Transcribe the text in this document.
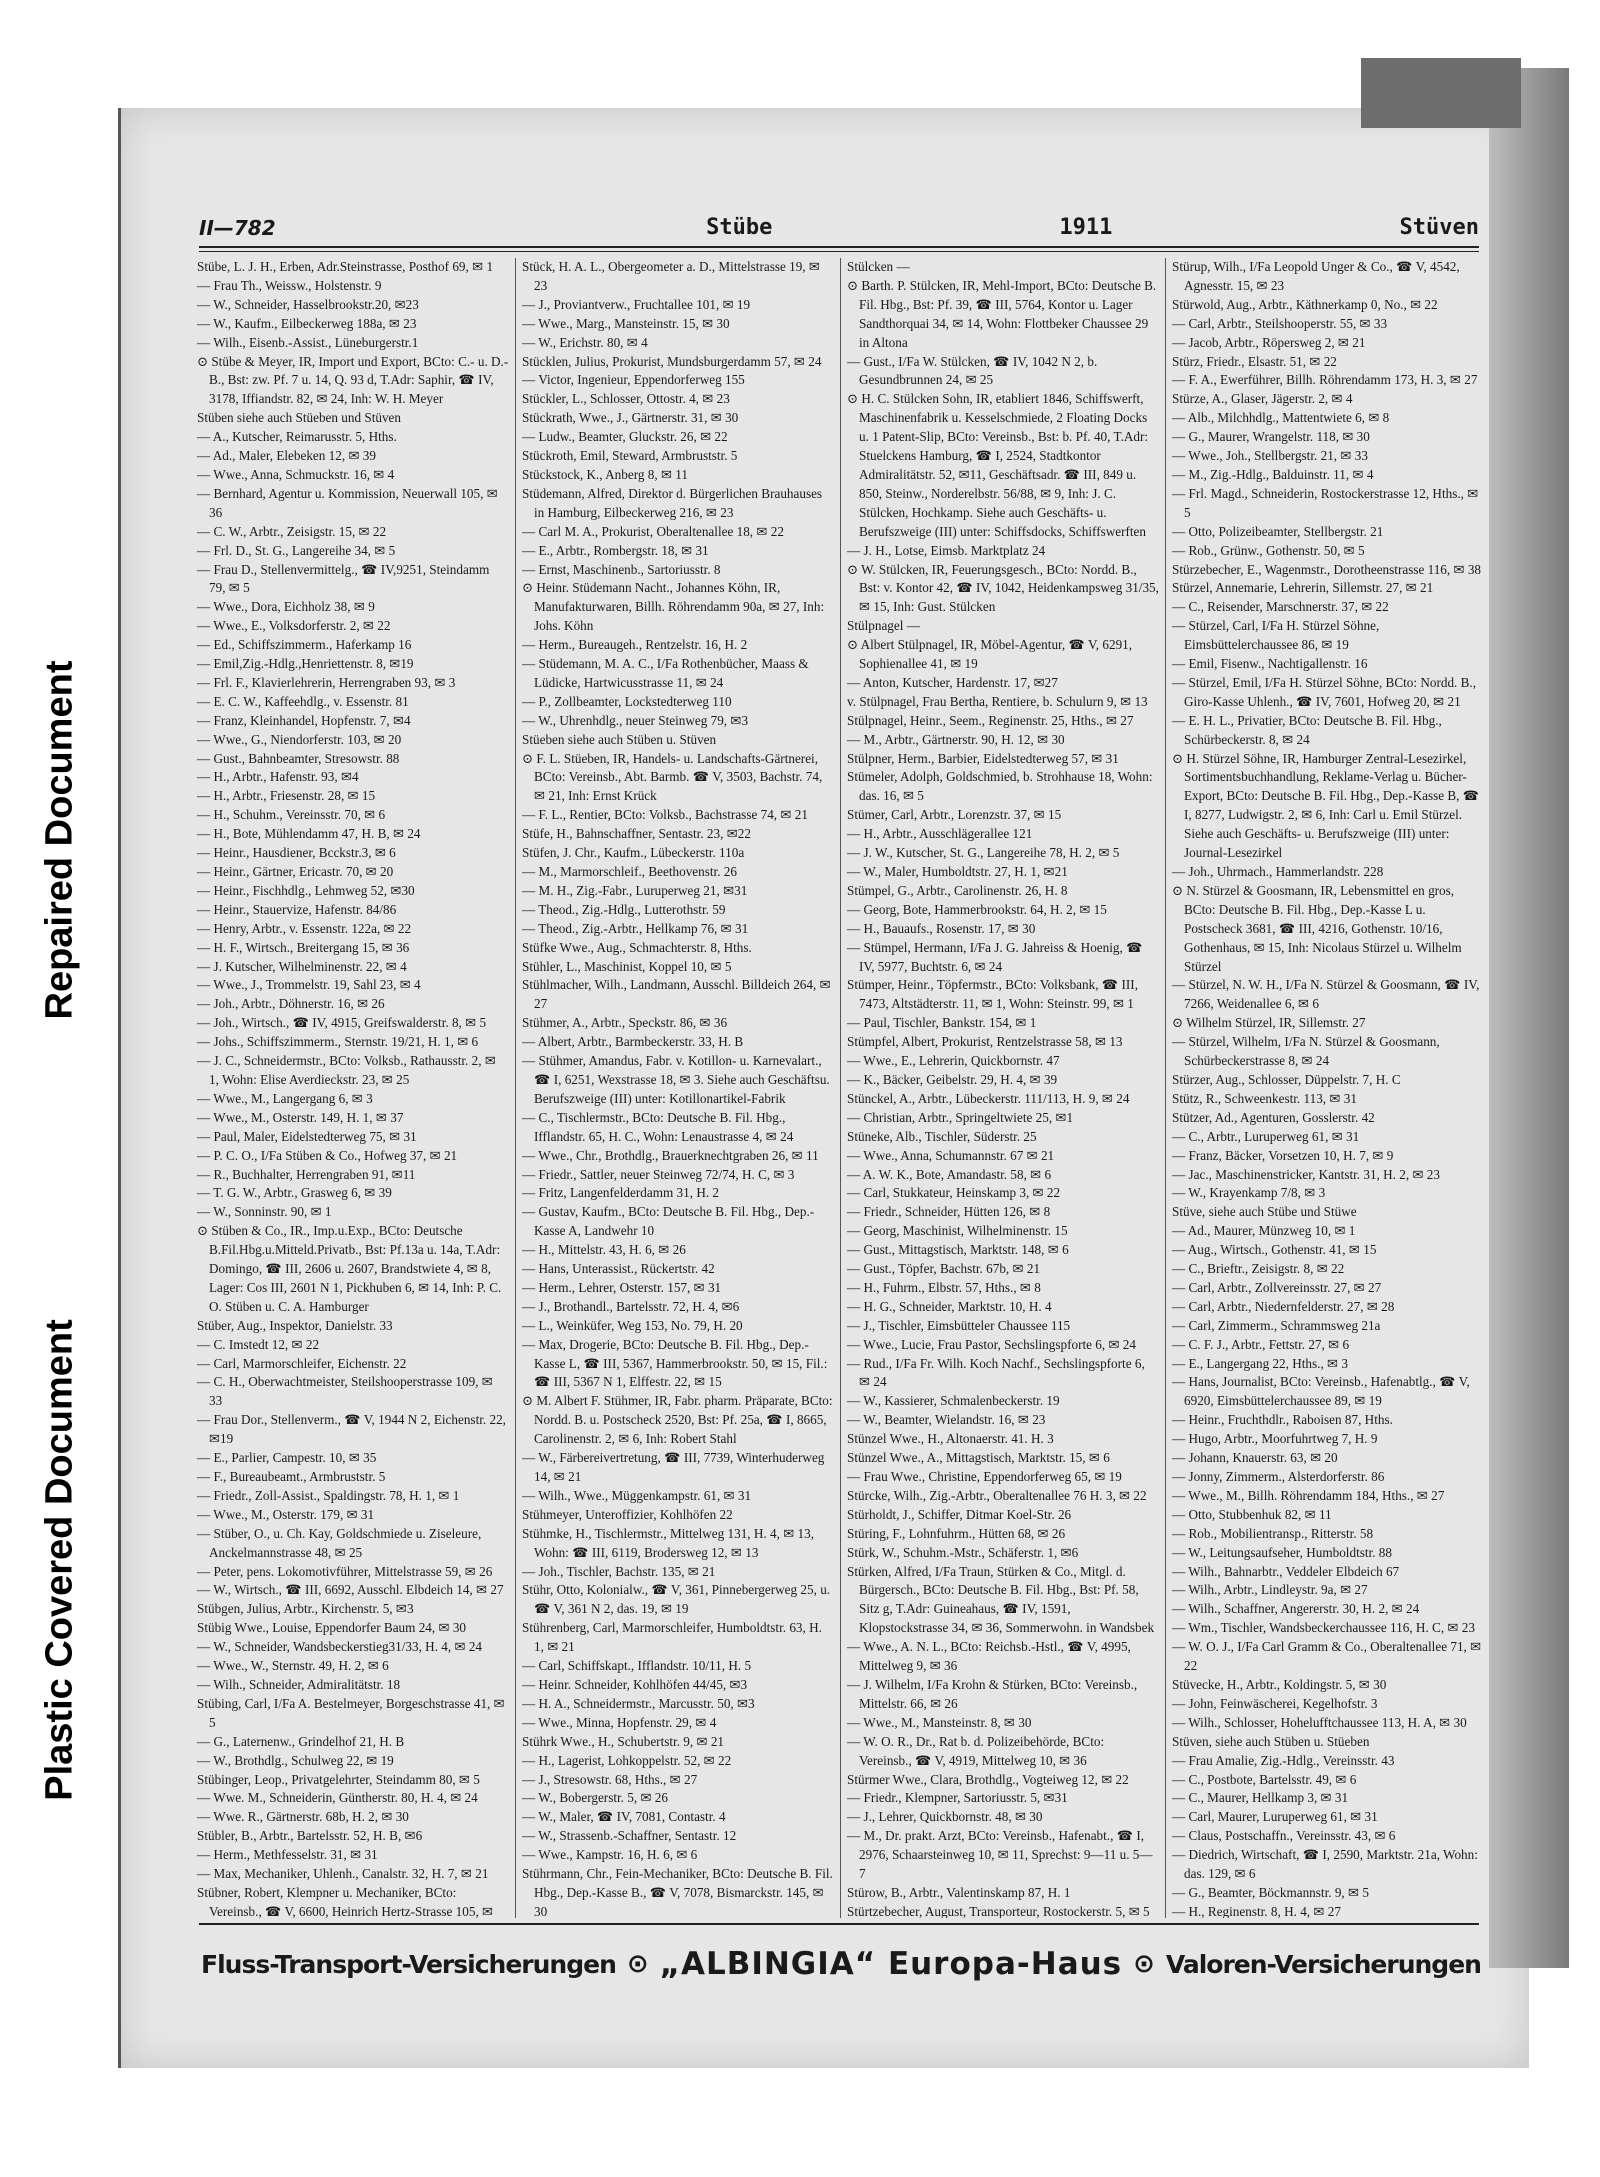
Repaired Document
Plastic Covered Document
II—782	Stübe	1911	Stüven
Stübe, L. J. H., Erben, Adr.Steinstrasse, Posthof 69, ✉ 1
— Frau Th., Weissw., Holstenstr. 9
— W., Schneider, Hasselbrookstr.20, ✉23
— W., Kaufm., Eilbeckerweg 188a, ✉ 23
— Wilh., Eisenb.-Assist., Lüneburgerstr.1
⊙ Stübe & Meyer, IR, Import und Export, BCto: C.- u. D.-B., Bst: zw. Pf. 7 u. 14, Q. 93 d, T.Adr: Saphir, ☎ IV, 3178, Iffiandstr. 82, ✉ 24, Inh: W. H. Meyer
Stüben siehe auch Stüeben und Stüven
— A., Kutscher, Reimarusstr. 5, Hths.
— Ad., Maler, Elebeken 12, ✉ 39
— Wwe., Anna, Schmuckstr. 16, ✉ 4
— Bernhard, Agentur u. Kommission, Neuerwall 105, ✉ 36
— C. W., Arbtr., Zeisigstr. 15, ✉ 22
— Frl. D., St. G., Langereihe 34, ✉ 5
— Frau D., Stellenvermittelg., ☎ IV,9251, Steindamm 79, ✉ 5
— Wwe., Dora, Eichholz 38, ✉ 9
— Wwe., E., Volksdorferstr. 2, ✉ 22
— Ed., Schiffszimmerm., Haferkamp 16
— Emil,Zig.-Hdlg.,Henriettenstr. 8, ✉19
— Frl. F., Klavierlehrerin, Herrengraben 93, ✉ 3
— E. C. W., Kaffeehdlg., v. Essenstr. 81
— Franz, Kleinhandel, Hopfenstr. 7, ✉4
— Wwe., G., Niendorferstr. 103, ✉ 20
— Gust., Bahnbeamter, Stresowstr. 88
— H., Arbtr., Hafenstr. 93, ✉4
— H., Arbtr., Friesenstr. 28, ✉ 15
— H., Schuhm., Vereinsstr. 70, ✉ 6
— H., Bote, Mühlendamm 47, H. B, ✉ 24
— Heinr., Hausdiener, Bcckstr.3, ✉ 6
— Heinr., Gärtner, Ericastr. 70, ✉ 20
— Heinr., Fischhdlg., Lehmweg 52, ✉30
— Heinr., Stauervize, Hafenstr. 84/86
— Henry, Arbtr., v. Essenstr. 122a, ✉ 22
— H. F., Wirtsch., Breitergang 15, ✉ 36
— J. Kutscher, Wilhelminenstr. 22, ✉ 4
— Wwe., J., Trommelstr. 19, Sahl 23, ✉ 4
— Joh., Arbtr., Döhnerstr. 16, ✉ 26
— Joh., Wirtsch., ☎ IV, 4915, Greifswalderstr. 8, ✉ 5
— Johs., Schiffszimmerm., Sternstr. 19/21, H. 1, ✉ 6
— J. C., Schneidermstr., BCto: Volksb., Rathausstr. 2, ✉ 1, Wohn: Elise Averdieckstr. 23, ✉ 25
— Wwe., M., Langergang 6, ✉ 3
— Wwe., M., Osterstr. 149, H. 1, ✉ 37
— Paul, Maler, Eidelstedterweg 75, ✉ 31
— P. C. O., I/Fa Stüben & Co., Hofweg 37, ✉ 21
— R., Buchhalter, Herrengraben 91, ✉11
— T. G. W., Arbtr., Grasweg 6, ✉ 39
— W., Sonninstr. 90, ✉ 1
⊙ Stüben & Co., IR., Imp.u.Exp., BCto: Deutsche B.Fil.Hbg.u.Mitteld.Privatb., Bst: Pf.13a u. 14a, T.Adr: Domingo, ☎ III, 2606 u. 2607, Brandstwiete 4, ✉ 8, Lager: Cos III, 2601 N 1, Pickhuben 6, ✉ 14, Inh: P. C. O. Stüben u. C. A. Hamburger
Stüber, Aug., Inspektor, Danielstr. 33
— C. Imstedt 12, ✉ 22
— Carl, Marmorschleifer, Eichenstr. 22
— C. H., Oberwachtmeister, Steilshooperstrasse 109, ✉ 33
— Frau Dor., Stellenverm., ☎ V, 1944 N 2, Eichenstr. 22, ✉19
— E., Parlier, Campestr. 10, ✉ 35
— F., Bureaubeamt., Armbruststr. 5
— Friedr., Zoll-Assist., Spaldingstr. 78, H. 1, ✉ 1
— Wwe., M., Osterstr. 179, ✉ 31
— Stüber, O., u. Ch. Kay, Goldschmiede u. Ziseleure, Anckelmannstrasse 48, ✉ 25
— Peter, pens. Lokomotivführer, Mittelstrasse 59, ✉ 26
— W., Wirtsch., ☎ III, 6692, Ausschl. Elbdeich 14, ✉ 27
Stübgen, Julius, Arbtr., Kirchenstr. 5, ✉3
Stübig Wwe., Louise, Eppendorfer Baum 24, ✉ 30
— W., Schneider, Wandsbeckerstieg31/33, H. 4, ✉ 24
— Wwe., W., Sternstr. 49, H. 2, ✉ 6
— Wilh., Schneider, Admiralitätstr. 18
Stübing, Carl, I/Fa A. Bestelmeyer, Borgeschstrasse 41, ✉ 5
— G., Laternenw., Grindelhof 21, H. B
— W., Brothdlg., Schulweg 22, ✉ 19
Stübinger, Leop., Privatgelehrter, Steindamm 80, ✉ 5
— Wwe. M., Schneiderin, Güntherstr. 80, H. 4, ✉ 24
— Wwe. R., Gärtnerstr. 68b, H. 2, ✉ 30
Stübler, B., Arbtr., Bartelsstr. 52, H. B, ✉6
— Herm., Methfesselstr. 31, ✉ 31
— Max, Mechaniker, Uhlenh., Canalstr. 32, H. 7, ✉ 21
Stübner, Robert, Klempner u. Mechaniker, BCto: Vereinsb., ☎ V, 6600, Heinrich Hertz-Strasse 105, ✉
Stück, H. A. L., Obergeometer a. D., Mittelstrasse 19, ✉ 23
— J., Proviantverw., Fruchtallee 101, ✉ 19
— Wwe., Marg., Mansteinstr. 15, ✉ 30
— W., Erichstr. 80, ✉ 4
Stücklen, Julius, Prokurist, Mundsburgerdamm 57, ✉ 24
— Victor, Ingenieur, Eppendorferweg 155
Stückler, L., Schlosser, Ottostr. 4, ✉ 23
Stückrath, Wwe., J., Gärtnerstr. 31, ✉ 30
— Ludw., Beamter, Gluckstr. 26, ✉ 22
Stückroth, Emil, Steward, Armbruststr. 5
Stückstock, K., Anberg 8, ✉ 11
Stüdemann, Alfred, Direktor d. Bürgerlichen Brauhauses in Hamburg, Eilbeckerweg 216, ✉ 23
— Carl M. A., Prokurist, Oberaltenallee 18, ✉ 22
— E., Arbtr., Rombergstr. 18, ✉ 31
— Ernst, Maschinenb., Sartoriusstr. 8
⊙ Heinr. Stüdemann Nacht., Johannes Köhn, IR, Manufakturwaren, Billh. Röhrendamm 90a, ✉ 27, Inh: Johs. Köhn
— Herm., Bureaugeh., Rentzelstr. 16, H. 2
— Stüdemann, M. A. C., I/Fa Rothenbücher, Maass & Lüdicke, Hartwicusstrasse 11, ✉ 24
— P., Zollbeamter, Lockstedterweg 110
— W., Uhrenhdlg., neuer Steinweg 79, ✉3
Stüeben siehe auch Stüben u. Stüven
⊙ F. L. Stüeben, IR, Handels- u. Landschafts-Gärtnerei, BCto: Vereinsb., Abt. Barmb. ☎ V, 3503, Bachstr. 74, ✉ 21, Inh: Ernst Krück
— F. L., Rentier, BCto: Volksb., Bachstrasse 74, ✉ 21
Stüfe, H., Bahnschaffner, Sentastr. 23, ✉22
Stüfen, J. Chr., Kaufm., Lübeckerstr. 110a
— M., Marmorschleif., Beethovenstr. 26
— M. H., Zig.-Fabr., Luruperweg 21, ✉31
— Theod., Zig.-Hdlg., Lutterothstr. 59
— Theod., Zig.-Arbtr., Hellkamp 76, ✉ 31
Stüfke Wwe., Aug., Schmachterstr. 8, Hths.
Stühler, L., Maschinist, Koppel 10, ✉ 5
Stühlmacher, Wilh., Landmann, Ausschl. Billdeich 264, ✉ 27
Stühmer, A., Arbtr., Speckstr. 86, ✉ 36
— Albert, Arbtr., Barmbeckerstr. 33, H. B
— Stühmer, Amandus, Fabr. v. Kotillon- u. Karnevalart., ☎ I, 6251, Wexstrasse 18, ✉ 3. Siehe auch Geschäftsu. Berufszweige (III) unter: Kotillonartikel-Fabrik
— C., Tischlermstr., BCto: Deutsche B. Fil. Hbg., Ifflandstr. 65, H. C., Wohn: Lenaustrasse 4, ✉ 24
— Wwe., Chr., Brothdlg., Brauerknechtgraben 26, ✉ 11
— Friedr., Sattler, neuer Steinweg 72/74, H. C, ✉ 3
— Fritz, Langenfelderdamm 31, H. 2
— Gustav, Kaufm., BCto: Deutsche B. Fil. Hbg., Dep.-Kasse A, Landwehr 10
— H., Mittelstr. 43, H. 6, ✉ 26
— Hans, Unterassist., Rückertstr. 42
— Herm., Lehrer, Osterstr. 157, ✉ 31
— J., Brothandl., Bartelsstr. 72, H. 4, ✉6
— L., Weinküfer, Weg 153, No. 79, H. 20
— Max, Drogerie, BCto: Deutsche B. Fil. Hbg., Dep.-Kasse L, ☎ III, 5367, Hammerbrookstr. 50, ✉ 15, Fil.: ☎ III, 5367 N 1, Elffestr. 22, ✉ 15
⊙ M. Albert F. Stühmer, IR, Fabr. pharm. Präparate, BCto: Nordd. B. u. Postscheck 2520, Bst: Pf. 25a, ☎ I, 8665, Carolinenstr. 2, ✉ 6, Inh: Robert Stahl
— W., Färbereivertretung, ☎ III, 7739, Winterhuderweg 14, ✉ 21
— Wilh., Wwe., Müggenkampstr. 61, ✉ 31
Stühmeyer, Unteroffizier, Kohlhöfen 22
Stühmke, H., Tischlermstr., Mittelweg 131, H. 4, ✉ 13, Wohn: ☎ III, 6119, Brodersweg 12, ✉ 13
— Joh., Tischler, Bachstr. 135, ✉ 21
Stühr, Otto, Kolonialw., ☎ V, 361, Pinnebergerweg 25, u. ☎ V, 361 N 2, das. 19, ✉ 19
Stührenberg, Carl, Marmorschleifer, Humboldtstr. 63, H. 1, ✉ 21
— Carl, Schiffskapt., Ifflandstr. 10/11, H. 5
— Heinr. Schneider, Kohlhöfen 44/45, ✉3
— H. A., Schneidermstr., Marcusstr. 50, ✉3
— Wwe., Minna, Hopfenstr. 29, ✉ 4
Stührk Wwe., H., Schubertstr. 9, ✉ 21
— H., Lagerist, Lohkoppelstr. 52, ✉ 22
— J., Stresowstr. 68, Hths., ✉ 27
— W., Bobergerstr. 5, ✉ 26
— W., Maler, ☎ IV, 7081, Contastr. 4
— W., Strassenb.-Schaffner, Sentastr. 12
— Wwe., Kampstr. 16, H. 6, ✉ 6
Stührmann, Chr., Fein-Mechaniker, BCto: Deutsche B. Fil. Hbg., Dep.-Kasse B., ☎ V, 7078, Bismarckstr. 145, ✉ 30
Stülcken —
⊙ Barth. P. Stülcken, IR, Mehl-Import, BCto: Deutsche B. Fil. Hbg., Bst: Pf. 39, ☎ III, 5764, Kontor u. Lager Sandthorquai 34, ✉ 14, Wohn: Flottbeker Chaussee 29 in Altona
— Gust., I/Fa W. Stülcken, ☎ IV, 1042 N 2, b. Gesundbrunnen 24, ✉ 25
⊙ H. C. Stülcken Sohn, IR, etabliert 1846, Schiffswerft, Maschinenfabrik u. Kesselschmiede, 2 Floating Docks u. 1 Patent-Slip, BCto: Vereinsb., Bst: b. Pf. 40, T.Adr: Stuelckens Hamburg, ☎ I, 2524, Stadtkontor Admiralitätstr. 52, ✉11, Geschäftsadr. ☎ III, 849 u. 850, Steinw., Norderelbstr. 56/88, ✉ 9, Inh: J. C. Stülcken, Hochkamp. Siehe auch Geschäfts- u. Berufszweige (III) unter: Schiffsdocks, Schiffswerften
— J. H., Lotse, Eimsb. Marktplatz 24
⊙ W. Stülcken, IR, Feuerungsgesch., BCto: Nordd. B., Bst: v. Kontor 42, ☎ IV, 1042, Heidenkampsweg 31/35, ✉ 15, Inh: Gust. Stülcken
Stülpnagel —
⊙ Albert Stülpnagel, IR, Möbel-Agentur, ☎ V, 6291, Sophienallee 41, ✉ 19
— Anton, Kutscher, Hardenstr. 17, ✉27
v. Stülpnagel, Frau Bertha, Rentiere, b. Schulurn 9, ✉ 13
Stülpnagel, Heinr., Seem., Reginenstr. 25, Hths., ✉ 27
— M., Arbtr., Gärtnerstr. 90, H. 12, ✉ 30
Stülpner, Herm., Barbier, Eidelstedterweg 57, ✉ 31
Stümeler, Adolph, Goldschmied, b. Strohhause 18, Wohn: das. 16, ✉ 5
Stümer, Carl, Arbtr., Lorenzstr. 37, ✉ 15
— H., Arbtr., Ausschlägerallee 121
— J. W., Kutscher, St. G., Langereihe 78, H. 2, ✉ 5
— W., Maler, Humboldtstr. 27, H. 1, ✉21
Stümpel, G., Arbtr., Carolinenstr. 26, H. 8
— Georg, Bote, Hammerbrookstr. 64, H. 2, ✉ 15
— H., Bauaufs., Rosenstr. 17, ✉ 30
— Stümpel, Hermann, I/Fa J. G. Jahreiss & Hoenig, ☎ IV, 5977, Buchtstr. 6, ✉ 24
Stümper, Heinr., Töpfermstr., BCto: Volksbank, ☎ III, 7473, Altstädterstr. 11, ✉ 1, Wohn: Steinstr. 99, ✉ 1
— Paul, Tischler, Bankstr. 154, ✉ 1
Stümpfel, Albert, Prokurist, Rentzelstrasse 58, ✉ 13
— Wwe., E., Lehrerin, Quickbornstr. 47
— K., Bäcker, Geibelstr. 29, H. 4, ✉ 39
Stünckel, A., Arbtr., Lübeckerstr. 111/113, H. 9, ✉ 24
— Christian, Arbtr., Springeltwiete 25, ✉1
Stüneke, Alb., Tischler, Süderstr. 25
— Wwe., Anna, Schumannstr. 67 ✉ 21
— A. W. K., Bote, Amandastr. 58, ✉ 6
— Carl, Stukkateur, Heinskamp 3, ✉ 22
— Friedr., Schneider, Hütten 126, ✉ 8
— Georg, Maschinist, Wilhelminenstr. 15
— Gust., Mittagstisch, Marktstr. 148, ✉ 6
— Gust., Töpfer, Bachstr. 67b, ✉ 21
— H., Fuhrm., Elbstr. 57, Hths., ✉ 8
— H. G., Schneider, Marktstr. 10, H. 4
— J., Tischler, Eimsbütteler Chaussee 115
— Wwe., Lucie, Frau Pastor, Sechslingspforte 6, ✉ 24
— Rud., I/Fa Fr. Wilh. Koch Nachf., Sechslingspforte 6, ✉ 24
— W., Kassierer, Schmalenbeckerstr. 19
— W., Beamter, Wielandstr. 16, ✉ 23
Stünzel Wwe., H., Altonaerstr. 41. H. 3
Stünzel Wwe., A., Mittagstisch, Marktstr. 15, ✉ 6
— Frau Wwe., Christine, Eppendorferweg 65, ✉ 19
Stürcke, Wilh., Zig.-Arbtr., Oberaltenallee 76 H. 3, ✉ 22
Stürholdt, J., Schiffer, Ditmar Koel-Str. 26
Stüring, F., Lohnfuhrm., Hütten 68, ✉ 26
Stürk, W., Schuhm.-Mstr., Schäferstr. 1, ✉6
Stürken, Alfred, I/Fa Traun, Stürken & Co., Mitgl. d. Bürgersch., BCto: Deutsche B. Fil. Hbg., Bst: Pf. 58, Sitz g, T.Adr: Guineahaus, ☎ IV, 1591, Klopstockstrasse 34, ✉ 36, Sommerwohn. in Wandsbek
— Wwe., A. N. L., BCto: Reichsb.-Hstl., ☎ V, 4995, Mittelweg 9, ✉ 36
— J. Wilhelm, I/Fa Krohn & Stürken, BCto: Vereinsb., Mittelstr. 66, ✉ 26
— Wwe., M., Mansteinstr. 8, ✉ 30
— W. O. R., Dr., Rat b. d. Polizeibehörde, BCto: Vereinsb., ☎ V, 4919, Mittelweg 10, ✉ 36
Stürmer Wwe., Clara, Brothdlg., Vogteiweg 12, ✉ 22
— Friedr., Klempner, Sartoriusstr. 5, ✉31
— J., Lehrer, Quickbornstr. 48, ✉ 30
— M., Dr. prakt. Arzt, BCto: Vereinsb., Hafenabt., ☎ I, 2976, Schaarsteinweg 10, ✉ 11, Sprechst: 9—11 u. 5—7
Stürow, B., Arbtr., Valentinskamp 87, H. 1
Stürtzebecher, August, Transporteur, Rostockerstr. 5, ✉ 5
Stürup, Wilh., I/Fa Leopold Unger & Co., ☎ V, 4542, Agnesstr. 15, ✉ 23
Stürwold, Aug., Arbtr., Käthnerkamp 0, No., ✉ 22
— Carl, Arbtr., Steilshooperstr. 55, ✉ 33
— Jacob, Arbtr., Röpersweg 2, ✉ 21
Stürz, Friedr., Elsastr. 51, ✉ 22
— F. A., Ewerführer, Billh. Röhrendamm 173, H. 3, ✉ 27
Stürze, A., Glaser, Jägerstr. 2, ✉ 4
— Alb., Milchhdlg., Mattentwiete 6, ✉ 8
— G., Maurer, Wrangelstr. 118, ✉ 30
— Wwe., Joh., Stellbergstr. 21, ✉ 33
— M., Zig.-Hdlg., Balduinstr. 11, ✉ 4
— Frl. Magd., Schneiderin, Rostockerstrasse 12, Hths., ✉ 5
— Otto, Polizeibeamter, Stellbergstr. 21
— Rob., Grünw., Gothenstr. 50, ✉ 5
Stürzebecher, E., Wagenmstr., Dorotheenstrasse 116, ✉ 38
Stürzel, Annemarie, Lehrerin, Sillemstr. 27, ✉ 21
— C., Reisender, Marschnerstr. 37, ✉ 22
— Stürzel, Carl, I/Fa H. Stürzel Söhne, Eimsbüttelerchaussee 86, ✉ 19
— Emil, Fisenw., Nachtigallenstr. 16
— Stürzel, Emil, I/Fa H. Stürzel Söhne, BCto: Nordd. B., Giro-Kasse Uhlenh., ☎ IV, 7601, Hofweg 20, ✉ 21
— E. H. L., Privatier, BCto: Deutsche B. Fil. Hbg., Schürbeckerstr. 8, ✉ 24
⊙ H. Stürzel Söhne, IR, Hamburger Zentral-Lesezirkel, Sortimentsbuchhandlung, Reklame-Verlag u. Bücher-Export, BCto: Deutsche B. Fil. Hbg., Dep.-Kasse B, ☎ I, 8277, Ludwigstr. 2, ✉ 6, Inh: Carl u. Emil Stürzel. Siehe auch Geschäfts- u. Berufszweige (III) unter: Journal-Lesezirkel
— Joh., Uhrmach., Hammerlandstr. 228
⊙ N. Stürzel & Goosmann, IR, Lebensmittel en gros, BCto: Deutsche B. Fil. Hbg., Dep.-Kasse L u. Postscheck 3681, ☎ III, 4216, Gothenstr. 10/16, Gothenhaus, ✉ 15, Inh: Nicolaus Stürzel u. Wilhelm Stürzel
— Stürzel, N. W. H., I/Fa N. Stürzel & Goosmann, ☎ IV, 7266, Weidenallee 6, ✉ 6
⊙ Wilhelm Stürzel, IR, Sillemstr. 27
— Stürzel, Wilhelm, I/Fa N. Stürzel & Goosmann, Schürbeckerstrasse 8, ✉ 24
Stürzer, Aug., Schlosser, Düppelstr. 7, H. C
Stütz, R., Schweenkestr. 113, ✉ 31
Stützer, Ad., Agenturen, Gosslerstr. 42
— C., Arbtr., Luruperweg 61, ✉ 31
— Franz, Bäcker, Vorsetzen 10, H. 7, ✉ 9
— Jac., Maschinenstricker, Kantstr. 31, H. 2, ✉ 23
— W., Krayenkamp 7/8, ✉ 3
Stüve, siehe auch Stübe und Stüwe
— Ad., Maurer, Münzweg 10, ✉ 1
— Aug., Wirtsch., Gothenstr. 41, ✉ 15
— C., Brieftr., Zeisigstr. 8, ✉ 22
— Carl, Arbtr., Zollvereinsstr. 27, ✉ 27
— Carl, Arbtr., Niedernfelderstr. 27, ✉ 28
— Carl, Zimmerm., Schrammsweg 21a
— C. F. J., Arbtr., Fettstr. 27, ✉ 6
— E., Langergang 22, Hths., ✉ 3
— Hans, Journalist, BCto: Vereinsb., Hafenabtlg., ☎ V, 6920, Eimsbüttelerchaussee 89, ✉ 19
— Heinr., Fruchthdlr., Raboisen 87, Hths.
— Hugo, Arbtr., Moorfuhrtweg 7, H. 9
— Johann, Knauerstr. 63, ✉ 20
— Jonny, Zimmerm., Alsterdorferstr. 86
— Wwe., M., Billh. Röhrendamm 184, Hths., ✉ 27
— Otto, Stubbenhuk 82, ✉ 11
— Rob., Mobilientransp., Ritterstr. 58
— W., Leitungsaufseher, Humboldtstr. 88
— Wilh., Bahnarbtr., Veddeler Elbdeich 67
— Wilh., Arbtr., Lindleystr. 9a, ✉ 27
— Wilh., Schaffner, Angererstr. 30, H. 2, ✉ 24
— Wm., Tischler, Wandsbeckerchaussee 116, H. C, ✉ 23
— W. O. J., I/Fa Carl Gramm & Co., Oberaltenallee 71, ✉ 22
Stüvecke, H., Arbtr., Koldingstr. 5, ✉ 30
— John, Feinwäscherei, Kegelhofstr. 3
— Wilh., Schlosser, Hohelufftchaussee 113, H. A, ✉ 30
Stüven, siehe auch Stüben u. Stüeben
— Frau Amalie, Zig.-Hdlg., Vereinsstr. 43
— C., Postbote, Bartelsstr. 49, ✉ 6
— C., Maurer, Hellkamp 3, ✉ 31
— Carl, Maurer, Luruperweg 61, ✉ 31
— Claus, Postschaffn., Vereinsstr. 43, ✉ 6
— Diedrich, Wirtschaft, ☎ I, 2590, Marktstr. 21a, Wohn: das. 129, ✉ 6
— G., Beamter, Böckmannstr. 9, ✉ 5
— H., Reginenstr. 8, H. 4, ✉ 27
Fluss-Transport-Versicherungen ⊙ „ALBINGIA“ Europa-Haus ⊙ Valoren-Versicherungen
